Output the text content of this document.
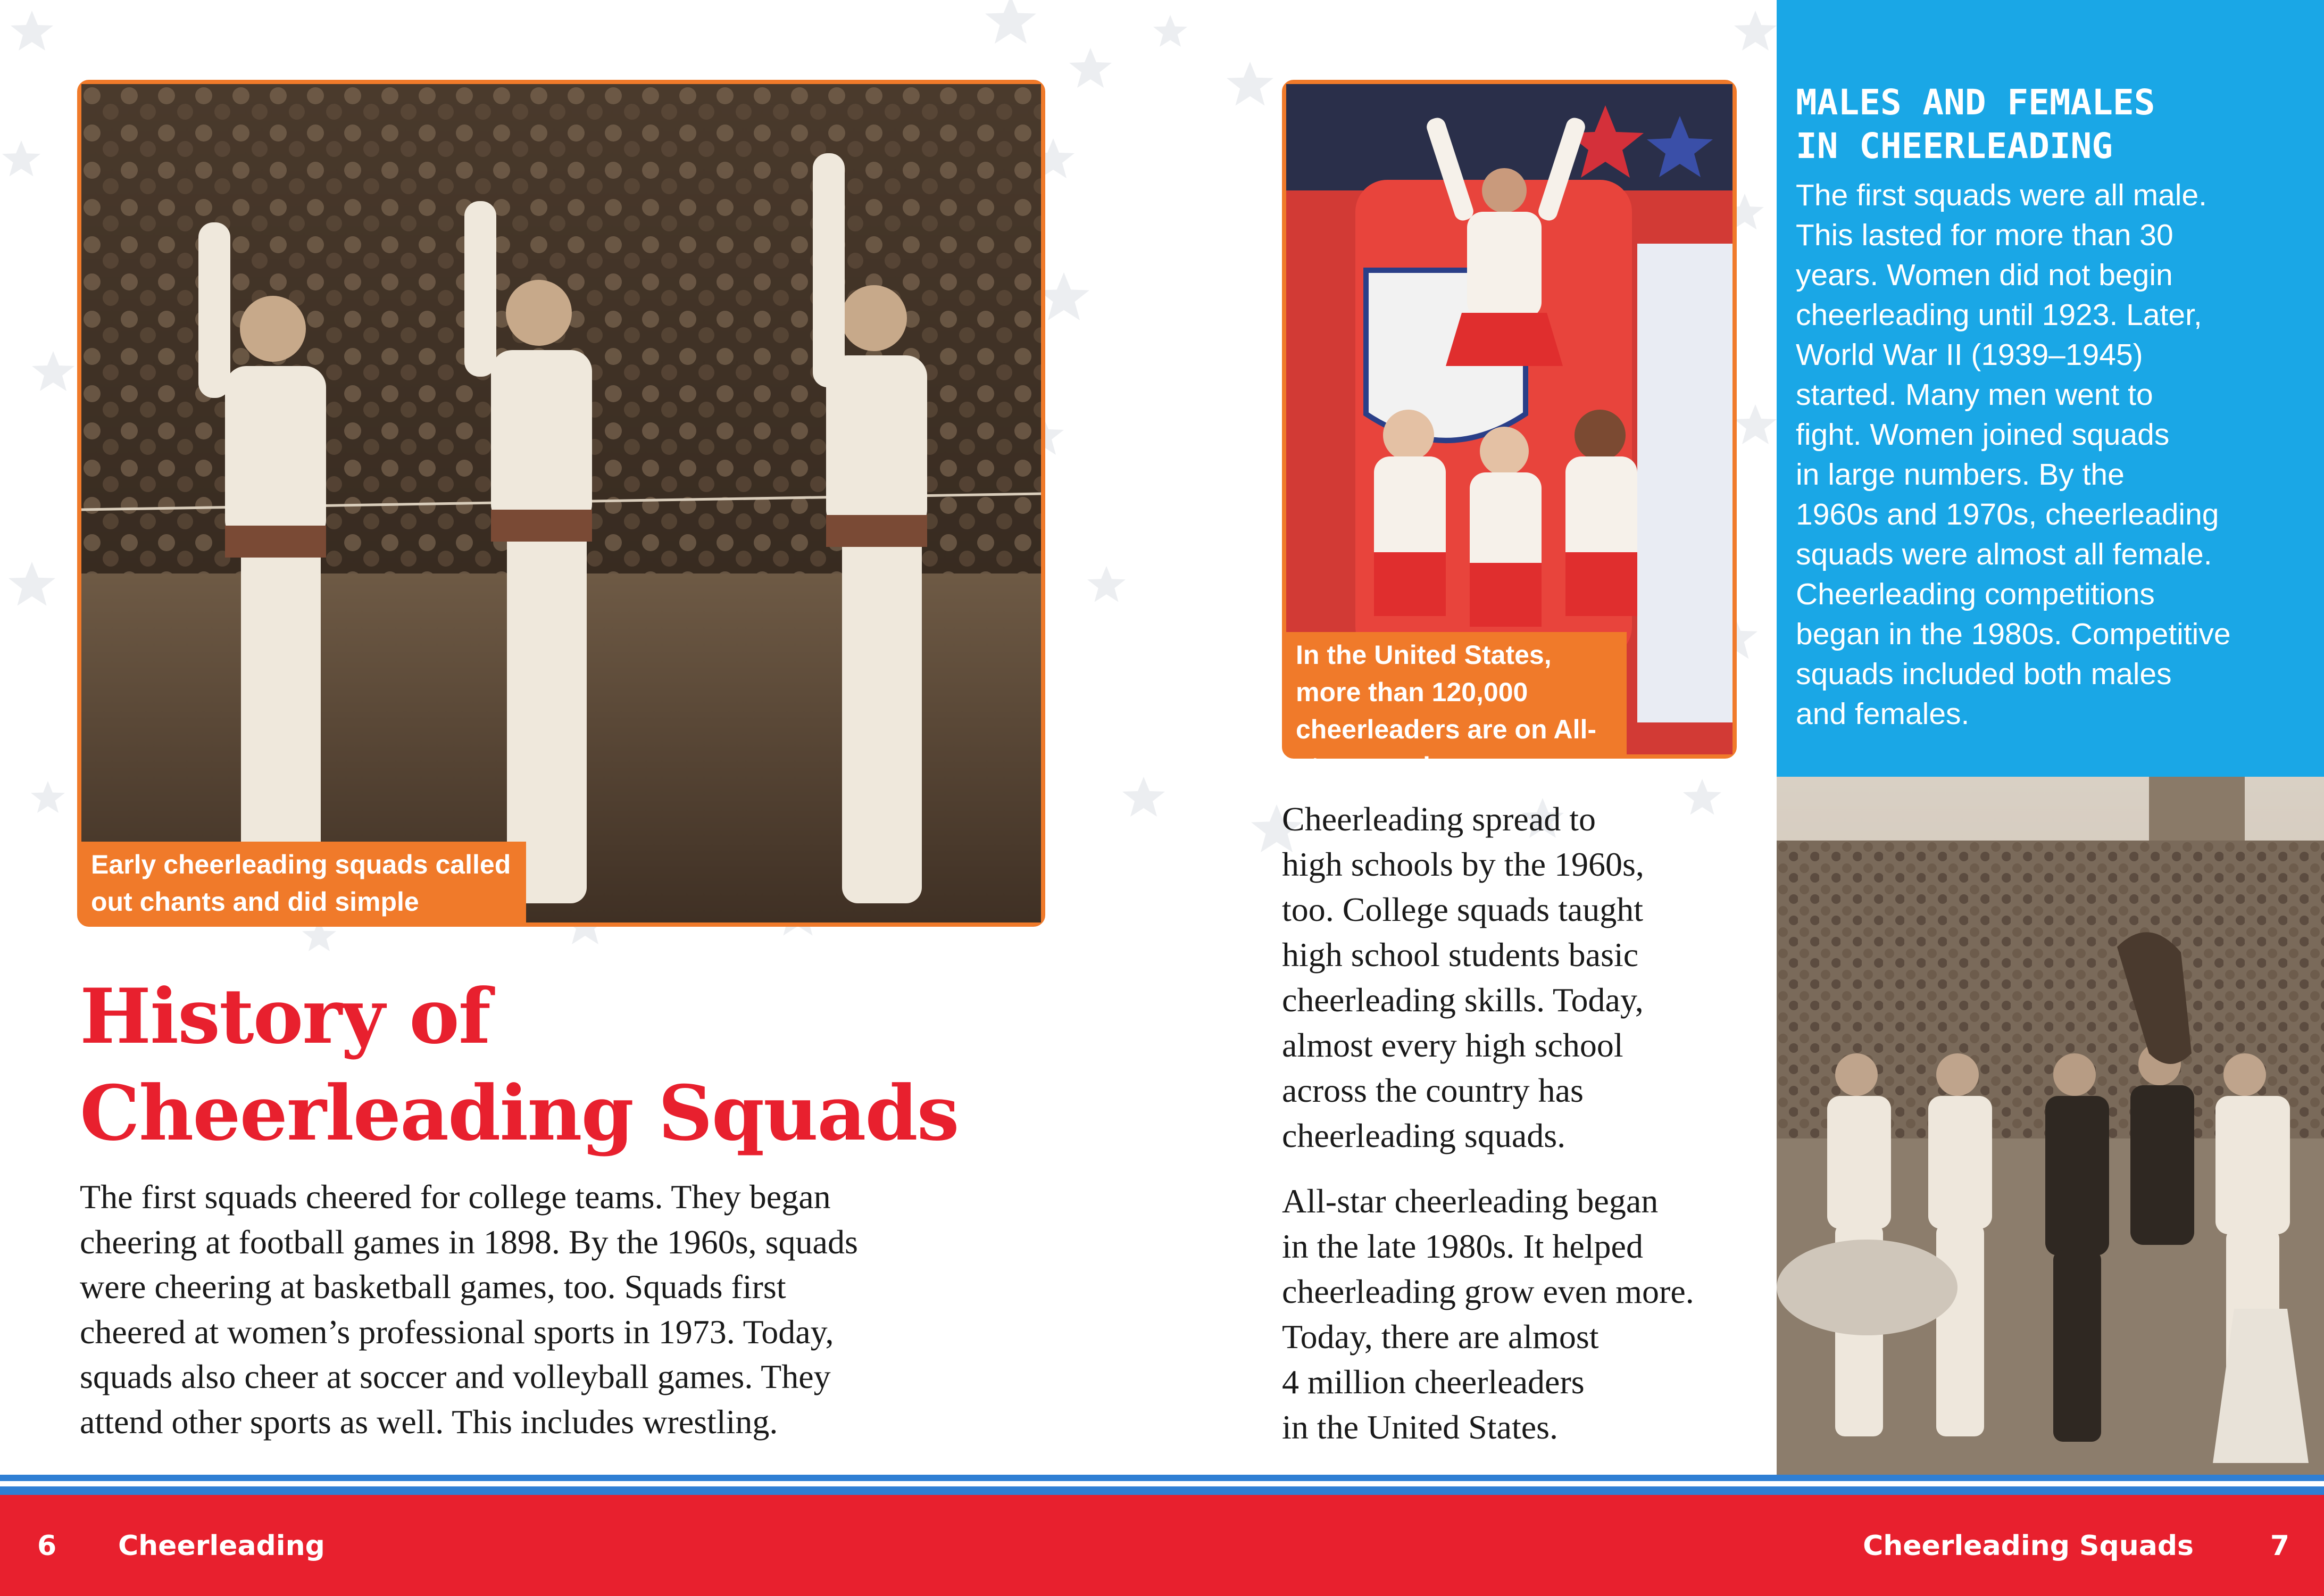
Early cheerleading squads called out chants and did simple motions.
In the United States, more than 120,000 cheerleaders are on All-star squads.
History of
Cheerleading Squads
The first squads cheered for college teams. They began
cheering at football games in 1898. By the 1960s, squads
were cheering at basketball games, too. Squads first
cheered at women’s professional sports in 1973. Today,
squads also cheer at soccer and volleyball games. They
attend other sports as well. This includes wrestling.
Cheerleading spread to
high schools by the 1960s,
too. College squads taught
high school students basic
cheerleading skills. Today,
almost every high school
across the country has
cheerleading squads.
All-star cheerleading began
in the late 1980s. It helped
cheerleading grow even more.
Today, there are almost
4 million cheerleaders
in the United States.
MALES AND FEMALES
IN CHEERLEADING
The first squads were all male.
This lasted for more than 30
years. Women did not begin
cheerleading until 1923. Later,
World War II (1939–1945)
started. Many men went to
fight. Women joined squads
in large numbers. By the
1960s and 1970s, cheerleading
squads were almost all female.
Cheerleading competitions
began in the 1980s. Competitive
squads included both males
and females.
6 Cheerleading	Cheerleading Squads	7
